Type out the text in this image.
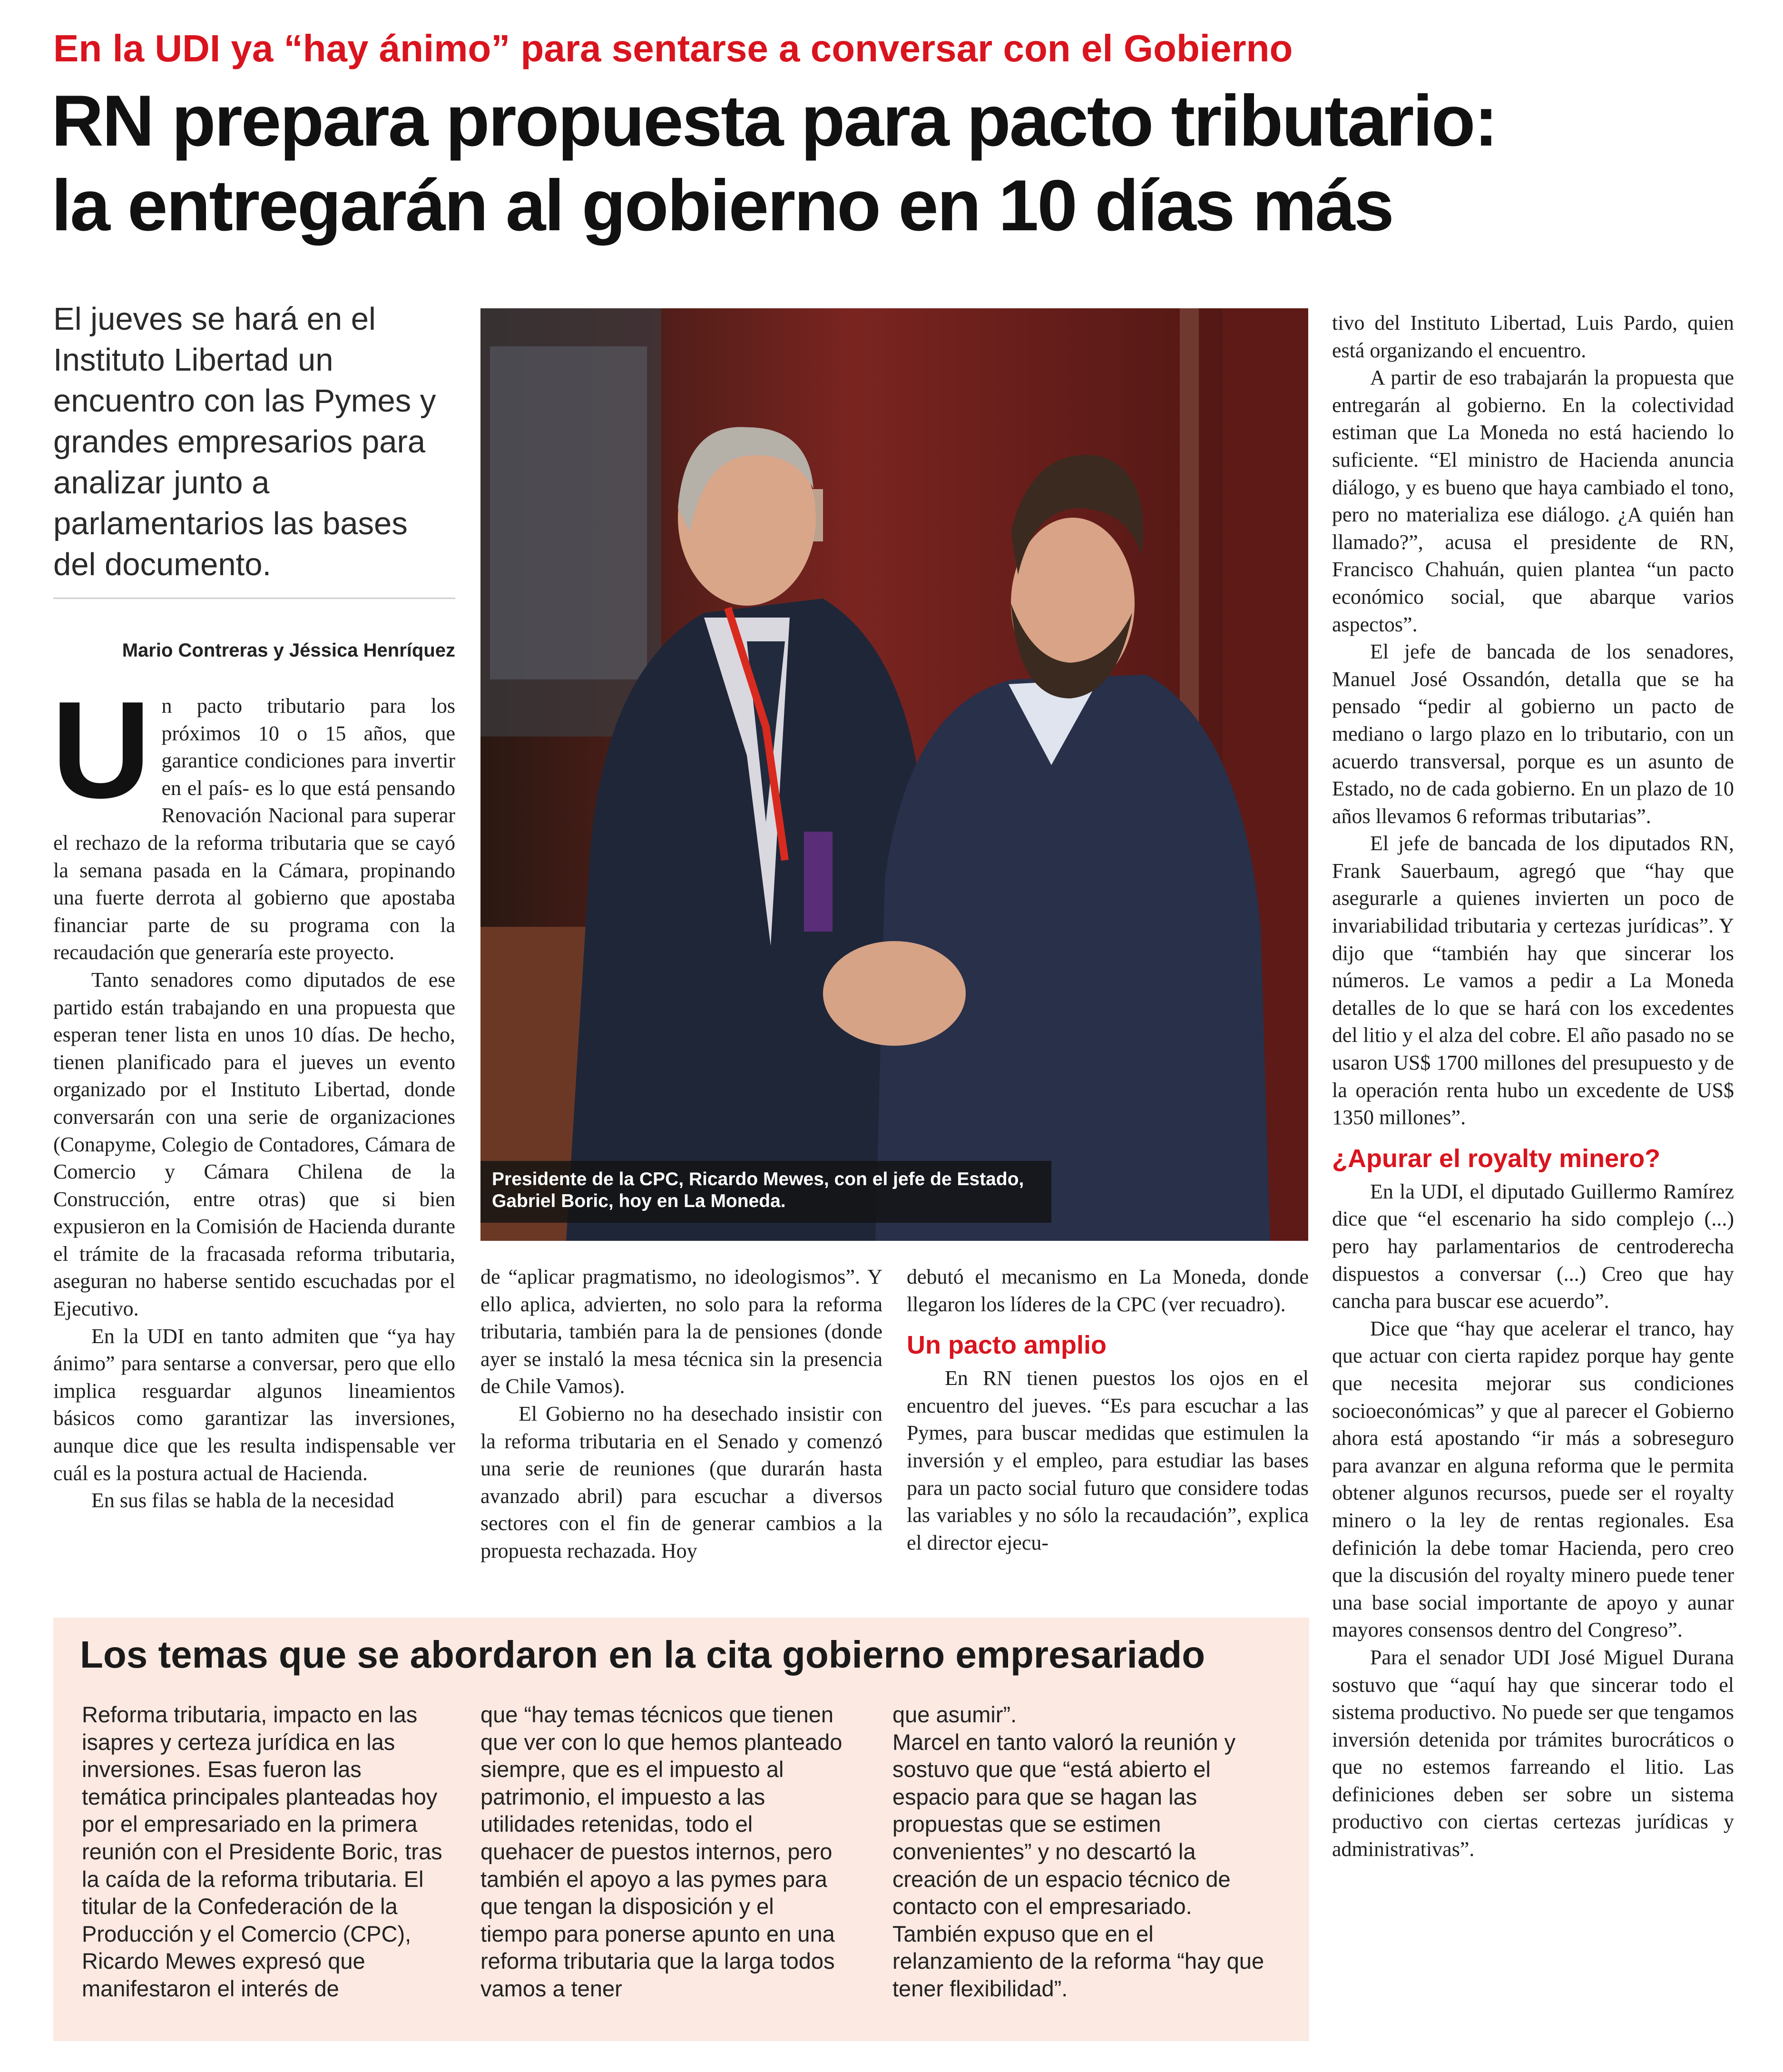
En la UDI ya “hay ánimo” para sentarse a conversar con el Gobierno
RN prepara propuesta para pacto tributario:
la entregarán al gobierno en 10 días más
El jueves se hará en el Instituto Libertad un encuentro con las Pymes y grandes empresarios para analizar junto a parlamentarios las bases del documento.
Mario Contreras y Jéssica Henríquez

Un pacto tributario para los próximos 10 o 15 años, que garantice condiciones para invertir en el país- es lo que está pensando Renovación Nacional para superar el rechazo de la reforma tributaria que se cayó la semana pasada en la Cámara, propinando una fuerte derrota al gobierno que apostaba financiar parte de su programa con la recaudación que generaría este proyecto.

Tanto senadores como diputados de ese partido están trabajando en una propuesta que esperan tener lista en unos 10 días. De hecho, tienen planificado para el jueves un evento organizado por el Instituto Libertad, donde conversarán con una serie de organizaciones (Conapyme, Colegio de Contadores, Cámara de Comercio y Cámara Chilena de la Construcción, entre otras) que si bien expusieron en la Comisión de Hacienda durante el trámite de la fracasada reforma tributaria, aseguran no haberse sentido escuchadas por el Ejecutivo.

En la UDI en tanto admiten que “ya hay ánimo” para sentarse a conversar, pero que ello implica resguardar algunos lineamientos básicos como garantizar las inversiones, aunque dice que les resulta indispensable ver cuál es la postura actual de Hacienda.

En sus filas se habla de la necesidad

Presidente de la CPC, Ricardo Mewes, con el jefe de Estado, Gabriel Boric, hoy en La Moneda.

de “aplicar pragmatismo, no ideologismos”. Y ello aplica, advierten, no solo para la reforma tributaria, también para la de pensiones (donde ayer se instaló la mesa técnica sin la presencia de Chile Vamos).

El Gobierno no ha desechado insistir con la reforma tributaria en el Senado y comenzó una serie de reuniones (que durarán hasta avanzado abril) para escuchar a diversos sectores con el fin de generar cambios a la propuesta rechazada. Hoy

debutó el mecanismo en La Moneda, donde llegaron los líderes de la CPC (ver recuadro).

Un pacto amplio

En RN tienen puestos los ojos en el encuentro del jueves. “Es para escuchar a las Pymes, para buscar medidas que estimulen la inversión y el empleo, para estudiar las bases para un pacto social futuro que considere todas las variables y no sólo la recaudación”, explica el director ejecu-

tivo del Instituto Libertad, Luis Pardo, quien está organizando el encuentro.

A partir de eso trabajarán la propuesta que entregarán al gobierno. En la colectividad estiman que La Moneda no está haciendo lo suficiente. “El ministro de Hacienda anuncia diálogo, y es bueno que haya cambiado el tono, pero no materializa ese diálogo. ¿A quién han llamado?”, acusa el presidente de RN, Francisco Chahuán, quien plantea “un pacto económico social, que abarque varios aspectos”.

El jefe de bancada de los senadores, Manuel José Ossandón, detalla que se ha pensado “pedir al gobierno un pacto de mediano o largo plazo en lo tributario, con un acuerdo transversal, porque es un asunto de Estado, no de cada gobierno. En un plazo de 10 años llevamos 6 reformas tributarias”.

El jefe de bancada de los diputados RN, Frank Sauerbaum, agregó que “hay que asegurarle a quienes invierten un poco de invariabilidad tributaria y certezas jurídicas”. Y dijo que “también hay que sincerar los números. Le vamos a pedir a La Moneda detalles de lo que se hará con los excedentes del litio y el alza del cobre. El año pasado no se usaron US$ 1700 millones del presupuesto y de la operación renta hubo un excedente de US$ 1350 millones”.

¿Apurar el royalty minero?

En la UDI, el diputado Guillermo Ramírez dice que “el escenario ha sido complejo (...) pero hay parlamentarios de centroderecha dispuestos a conversar (...) Creo que hay cancha para buscar ese acuerdo”.

Dice que “hay que acelerar el tranco, hay que actuar con cierta rapidez porque hay gente que necesita mejorar sus condiciones socioeconómicas” y que al parecer el Gobierno ahora está apostando “ir más a sobreseguro para avanzar en alguna reforma que le permita obtener algunos recursos, puede ser el royalty minero o la ley de rentas regionales. Esa definición la debe tomar Hacienda, pero creo que la discusión del royalty minero puede tener una base social importante de apoyo y aunar mayores consensos dentro del Congreso”.

Para el senador UDI José Miguel Durana sostuvo que “aquí hay que sincerar todo el sistema productivo. No puede ser que tengamos inversión detenida por trámites burocráticos o que no estemos farreando el litio. Las definiciones deben ser sobre un sistema productivo con ciertas certezas jurídicas y administrativas”.

Los temas que se abordaron en la cita gobierno empresariado
Reforma tributaria, impacto en las isapres y certeza jurídica en las inversiones. Esas fueron las temática principales planteadas hoy por el empresariado en la primera reunión con el Presidente Boric, tras la caída de la reforma tributaria. El titular de la Confederación de la Producción y el Comercio (CPC), Ricardo Mewes expresó que manifestaron el interés de
que “hay temas técnicos que tienen que ver con lo que hemos planteado siempre, que es el impuesto al patrimonio, el impuesto a las utilidades retenidas, todo el quehacer de puestos internos, pero también el apoyo a las pymes para que tengan la disposición y el tiempo para ponerse apunto en una reforma tributaria que la larga todos vamos a tener
que asumir”.
Marcel en tanto valoró la reunión y sostuvo que que “está abierto el espacio para que se hagan las propuestas que se estimen convenientes” y no descartó la creación de un espacio técnico de contacto con el empresariado. También expuso que en el relanzamiento de la reforma “hay que tener flexibilidad”.
